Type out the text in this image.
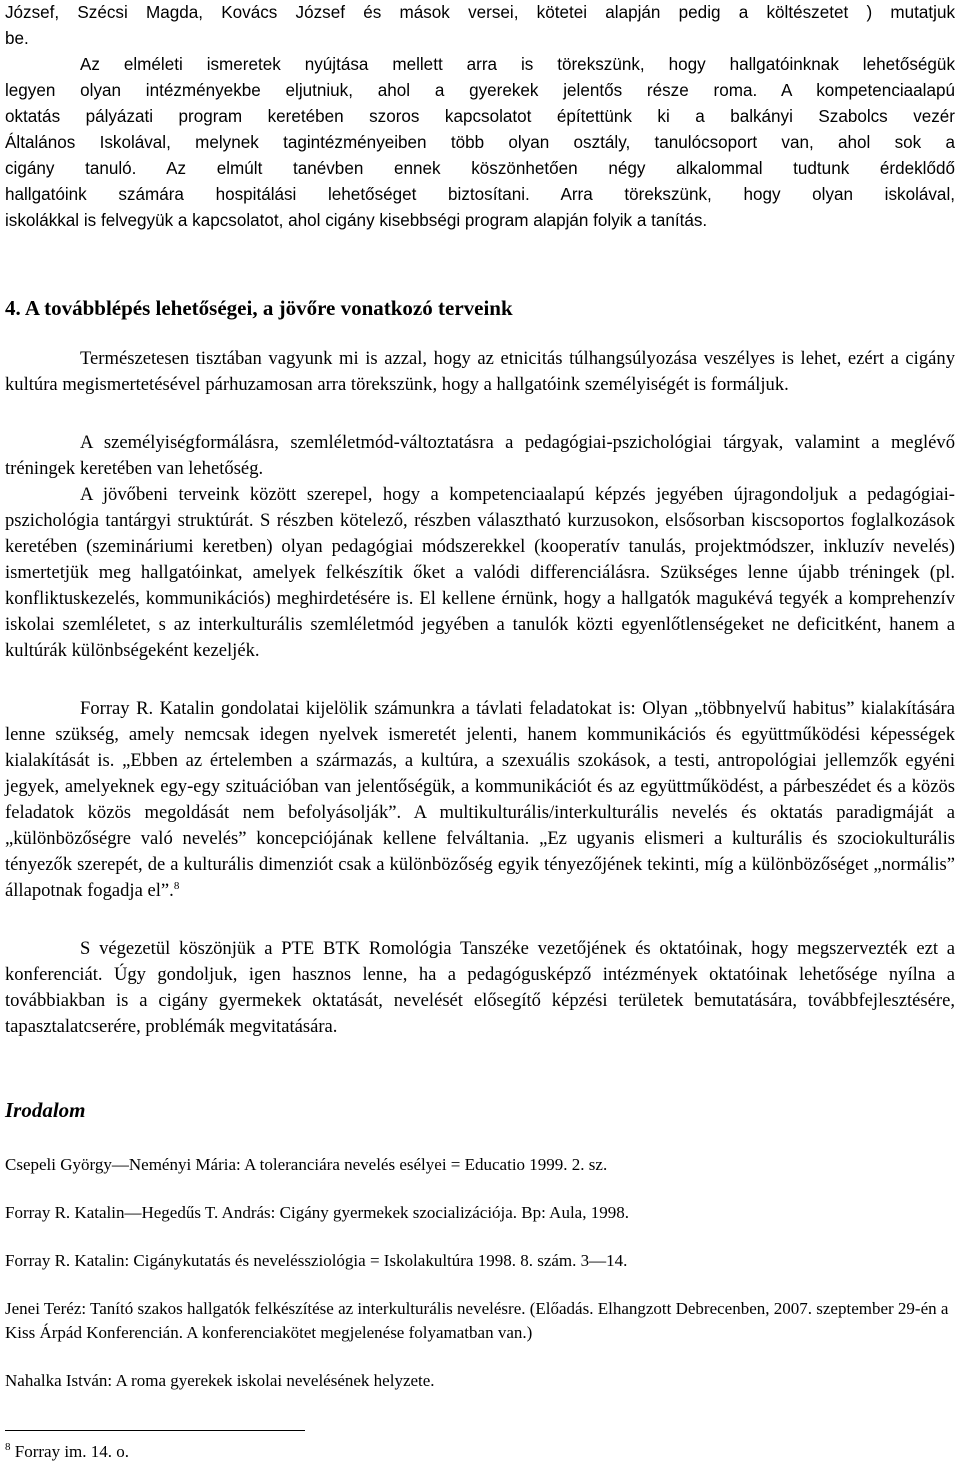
József, Szécsi Magda, Kovács József és mások versei, kötetei alapján pedig a költészetet ) mutatjuk
be.
Az elméleti ismeretek nyújtása mellett arra is törekszünk, hogy hallgatóinknak lehetőségük
legyen olyan intézményekbe eljutniuk, ahol a gyerekek jelentős része roma. A kompetenciaalapú
oktatás pályázati program keretében szoros kapcsolatot építettünk ki a balkányi Szabolcs vezér
Általános Iskolával, melynek tagintézményeiben több olyan osztály, tanulócsoport van, ahol sok a
cigány tanuló. Az elmúlt tanévben ennek köszönhetően négy alkalommal tudtunk érdeklődő
hallgatóink számára hospitálási lehetőséget biztosítani. Arra törekszünk, hogy olyan iskolával,
iskolákkal is felvegyük a kapcsolatot, ahol cigány kisebbségi program alapján folyik a tanítás.
4. A továbblépés lehetőségei, a jövőre vonatkozó terveink
Természetesen tisztában vagyunk mi is azzal, hogy az etnicitás túlhangsúlyozása veszélyes is lehet, ezért a cigány kultúra megismertetésével párhuzamosan arra törekszünk, hogy a hallgatóink személyiségét is formáljuk.
A személyiségformálásra, szemléletmód-változtatásra a pedagógiai-pszichológiai tárgyak, valamint a meglévő tréningek keretében van lehetőség.
A jövőbeni terveink között szerepel, hogy a kompetenciaalapú képzés jegyében újragondoljuk a pedagógiai-pszichológia tantárgyi struktúrát. S részben kötelező, részben választható kurzusokon, elsősorban kiscsoportos foglalkozások keretében (szemináriumi keretben) olyan pedagógiai módszerekkel (kooperatív tanulás, projektmódszer, inkluzív nevelés) ismertetjük meg hallgatóinkat, amelyek felkészítik őket a valódi differenciálásra. Szükséges lenne újabb tréningek (pl. konfliktuskezelés, kommunikációs) meghirdetésére is. El kellene érnünk, hogy a hallgatók magukévá tegyék a komprehenzív iskolai szemléletet, s az interkulturális szemléletmód jegyében a tanulók közti egyenlőtlenségeket ne deficitként, hanem a kultúrák különbségeként kezeljék.
Forray R. Katalin gondolatai kijelölik számunkra a távlati feladatokat is: Olyan „többnyelvű habitus” kialakítására lenne szükség, amely nemcsak idegen nyelvek ismeretét jelenti, hanem kommunikációs és együttműködési képességek kialakítását is. „Ebben az értelemben a származás, a kultúra, a szexuális szokások, a testi, antropológiai jellemzők egyéni jegyek, amelyeknek egy-egy szituációban van jelentőségük, a kommunikációt és az együttműködést, a párbeszédet és a közös feladatok közös megoldását nem befolyásolják”. A multikulturális/interkulturális nevelés és oktatás paradigmáját a „különbözőségre való nevelés” koncepciójának kellene felváltania. „Ez ugyanis elismeri a kulturális és szociokulturális tényezők szerepét, de a kulturális dimenziót csak a különbözőség egyik tényezőjének tekinti, míg a különbözőséget „normális” állapotnak fogadja el”.$^8$
S végezetül köszönjük a PTE BTK Romológia Tanszéke vezetőjének és oktatóinak, hogy megszervezték ezt a konferenciát. Úgy gondoljuk, igen hasznos lenne, ha a pedagógusképző intézmények oktatóinak lehetősége nyílna a továbbiakban is a cigány gyermekek oktatását, nevelését elősegítő képzési területek bemutatására, továbbfejlesztésére, tapasztalatcserére, problémák megvitatására.
Irodalom
Csepeli György—Neményi Mária: A toleranciára nevelés esélyei = Educatio 1999. 2. sz.
Forray R. Katalin—Hegedűs T. András: Cigány gyermekek szocializációja. Bp: Aula, 1998.
Forray R. Katalin: Cigánykutatás és neveléssziológia = Iskolakultúra 1998. 8. szám. 3—14.
Jenei Teréz: Tanító szakos hallgatók felkészítése az interkulturális nevelésre. (Előadás. Elhangzott Debrecenben, 2007. szeptember 29-én a Kiss Árpád Konferencián. A konferenciakötet megjelenése folyamatban van.)
Nahalka István: A roma gyerekek iskolai nevelésének helyzete.
$^8$ Forray im. 14. o.
